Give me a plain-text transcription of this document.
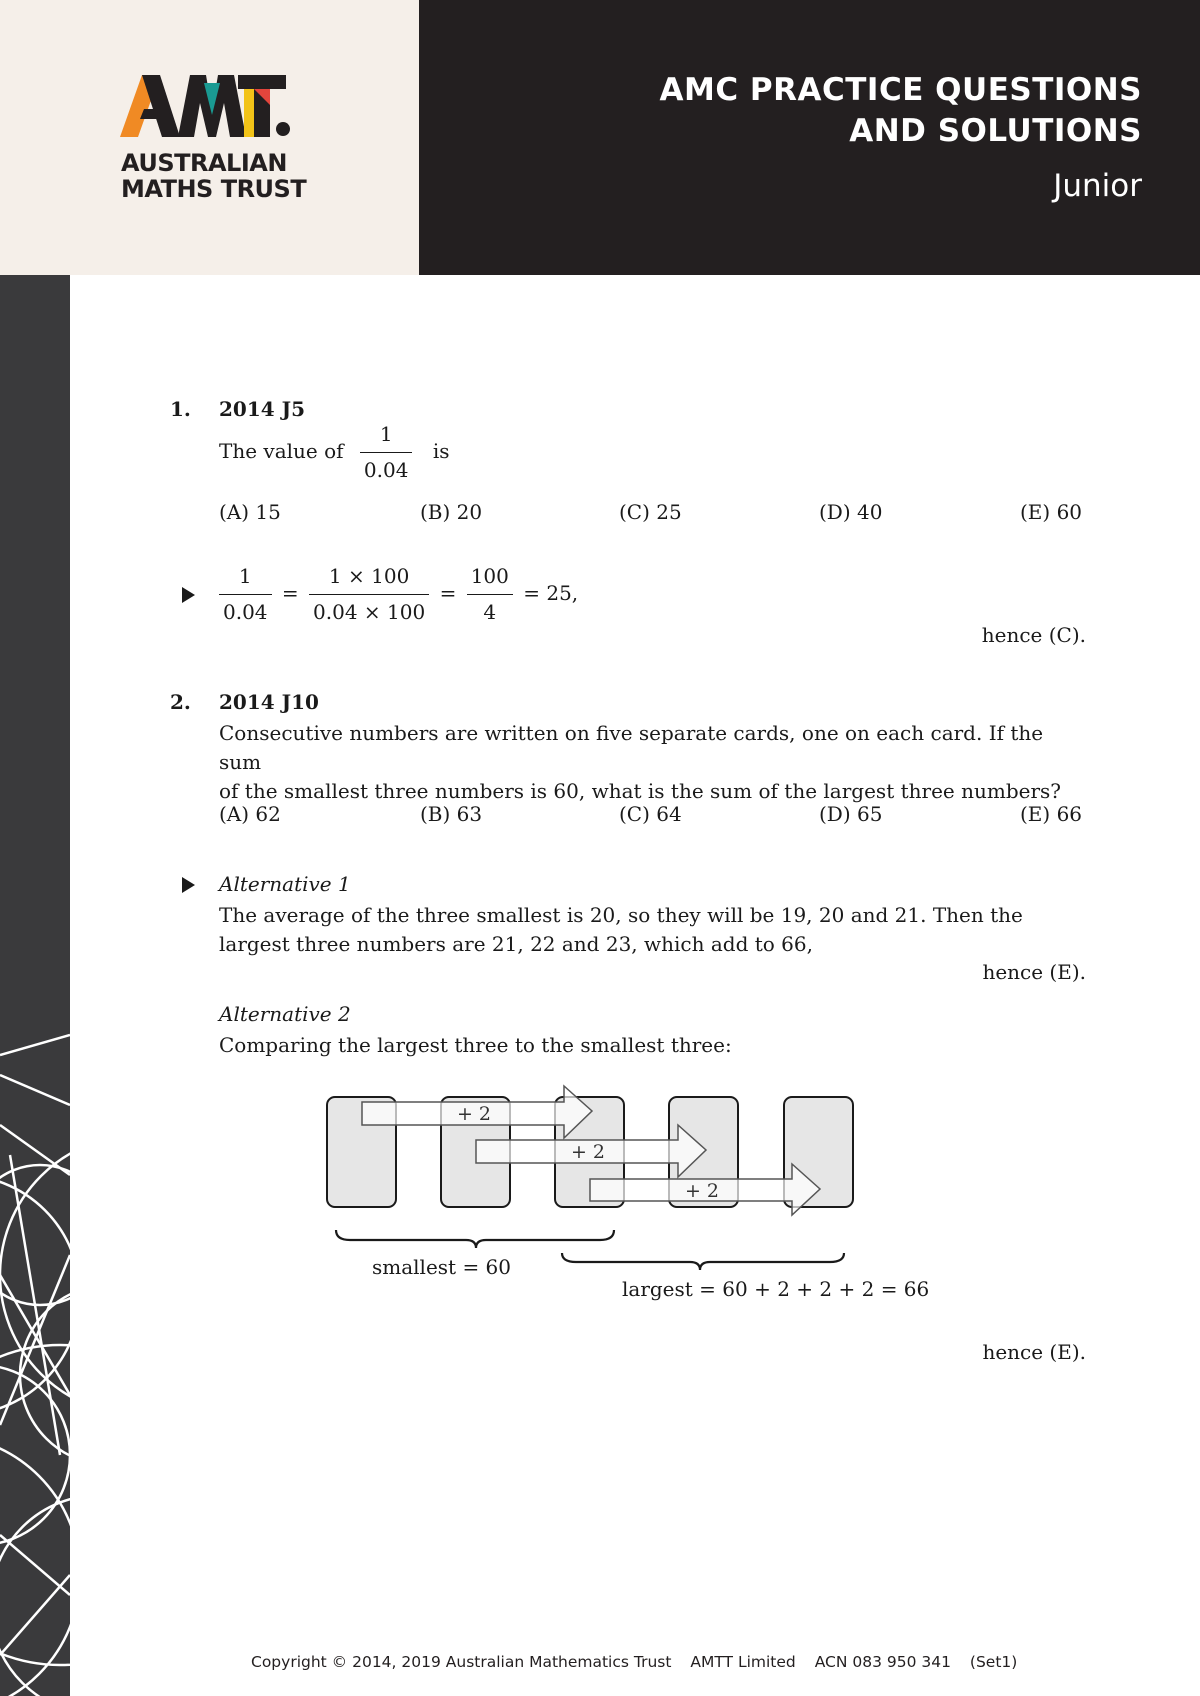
AUSTRALIAN
MATHS TRUST
AMC PRACTICE QUESTIONS
AND SOLUTIONS
Junior
1. 2014 J5
The value of $\frac{1}{0.04}$ is
(A) 15	(B) 20	(C) 25	(D) 40	(E) 60
$\frac{1}{0.04} = \frac{1 \times 100}{0.04 \times 100} = \frac{100}{4} = 25$,
hence (C).
2. 2014 J10
Consecutive numbers are written on five separate cards, one on each card. If the sum
of the smallest three numbers is 60, what is the sum of the largest three numbers?
(A) 62	(B) 63	(C) 64	(D) 65	(E) 66
Alternative 1
The average of the three smallest is 20, so they will be 19, 20 and 21. Then the
largest three numbers are 21, 22 and 23, which add to 66,
hence (E).
Alternative 2
Comparing the largest three to the smallest three:
+ 2
+ 2
+ 2
smallest = 60
largest = 60 + 2 + 2 + 2 = 66
hence (E).
Copyright © 2014, 2019 Australian Mathematics Trust AMTT Limited ACN 083 950 341 (Set1)
